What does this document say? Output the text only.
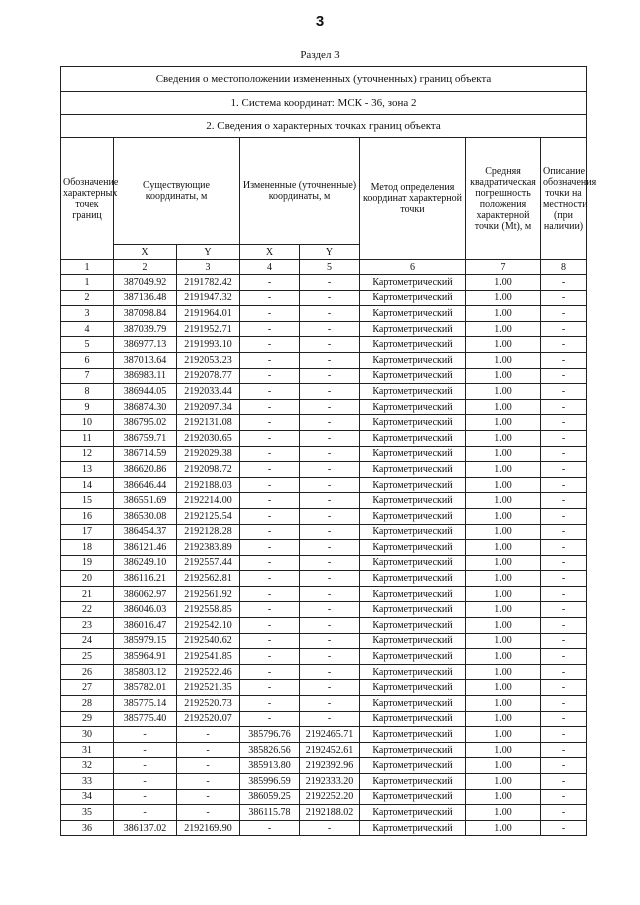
3
Раздел 3
Сведения о местоположении измененных (уточненных) границ объекта							
1. Система координат: МСК - 36, зона 2							
2. Сведения о характерных точках границ объекта							
Обозначение характерных точек границ	Существующие координаты, м		Измененные (уточненные) координаты, м		Метод определения координат характерной точки	Средняя квадратическая погрешность положения характерной точки (Mt), м	Описание обозначения точки на местности (при наличии)
	X	Y	X	Y			
1	2	3	4	5	6	7	8
1	387049.92	2191782.42	-	-	Картометрический	1.00	-
2	387136.48	2191947.32	-	-	Картометрический	1.00	-
3	387098.84	2191964.01	-	-	Картометрический	1.00	-
4	387039.79	2191952.71	-	-	Картометрический	1.00	-
5	386977.13	2191993.10	-	-	Картометрический	1.00	-
6	387013.64	2192053.23	-	-	Картометрический	1.00	-
7	386983.11	2192078.77	-	-	Картометрический	1.00	-
8	386944.05	2192033.44	-	-	Картометрический	1.00	-
9	386874.30	2192097.34	-	-	Картометрический	1.00	-
10	386795.02	2192131.08	-	-	Картометрический	1.00	-
11	386759.71	2192030.65	-	-	Картометрический	1.00	-
12	386714.59	2192029.38	-	-	Картометрический	1.00	-
13	386620.86	2192098.72	-	-	Картометрический	1.00	-
14	386646.44	2192188.03	-	-	Картометрический	1.00	-
15	386551.69	2192214.00	-	-	Картометрический	1.00	-
16	386530.08	2192125.54	-	-	Картометрический	1.00	-
17	386454.37	2192128.28	-	-	Картометрический	1.00	-
18	386121.46	2192383.89	-	-	Картометрический	1.00	-
19	386249.10	2192557.44	-	-	Картометрический	1.00	-
20	386116.21	2192562.81	-	-	Картометрический	1.00	-
21	386062.97	2192561.92	-	-	Картометрический	1.00	-
22	386046.03	2192558.85	-	-	Картометрический	1.00	-
23	386016.47	2192542.10	-	-	Картометрический	1.00	-
24	385979.15	2192540.62	-	-	Картометрический	1.00	-
25	385964.91	2192541.85	-	-	Картометрический	1.00	-
26	385803.12	2192522.46	-	-	Картометрический	1.00	-
27	385782.01	2192521.35	-	-	Картометрический	1.00	-
28	385775.14	2192520.73	-	-	Картометрический	1.00	-
29	385775.40	2192520.07	-	-	Картометрический	1.00	-
30	-	-	385796.76	2192465.71	Картометрический	1.00	-
31	-	-	385826.56	2192452.61	Картометрический	1.00	-
32	-	-	385913.80	2192392.96	Картометрический	1.00	-
33	-	-	385996.59	2192333.20	Картометрический	1.00	-
34	-	-	386059.25	2192252.20	Картометрический	1.00	-
35	-	-	386115.78	2192188.02	Картометрический	1.00	-
36	386137.02	2192169.90	-	-	Картометрический	1.00	-
